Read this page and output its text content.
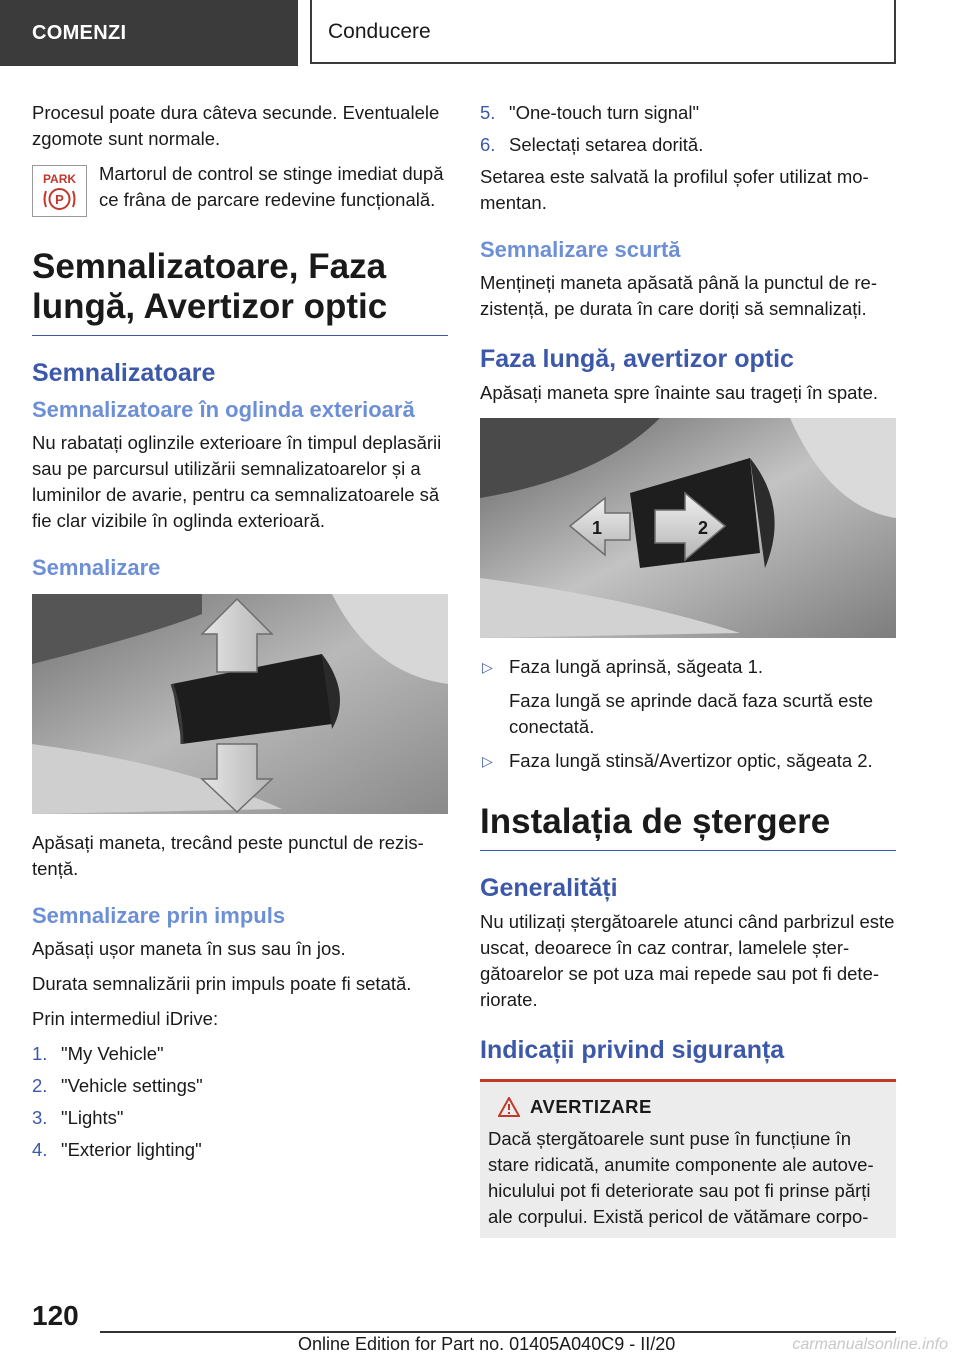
COMENZI	Conducere

Procesul poate dura câteva secunde. Eventualele zgomote sunt normale.

PARK
P

Martorul de control se stinge imediat după ce frâna de parcare redevine funcțională.

Semnalizatoare, Faza lungă, Avertizor optic
Semnalizatoare
Semnalizatoare în oglinda exterioară

Nu rabatați oglinzile exterioare în timpul deplasării sau pe parcursul utilizării semnalizatoarelor și a luminilor de avarie, pentru ca semnalizatoarele să fie clar vizibile în oglinda exterioară.

Semnalizare

Apăsați maneta, trecând peste punctul de rezistență.

Semnalizare prin impuls

Apăsați ușor maneta în sus sau în jos.

Durata semnalizării prin impuls poate fi setată.

Prin intermediul iDrive:

1. "My Vehicle"
2. "Vehicle settings"
3. "Lights"
4. "Exterior lighting"
5. "One-touch turn signal"
6. Selectați setarea dorită.

Setarea este salvată la profilul șofer utilizat momentan.

Semnalizare scurtă

Mențineți maneta apăsată până la punctul de rezistență, pe durata în care doriți să semnalizați.

Faza lungă, avertizor optic

Apăsați maneta spre înainte sau trageți în spate.

1	2
▷ Faza lungă aprinsă, săgeata 1.
Faza lungă se aprinde dacă faza scurtă este conectată.
▷ Faza lungă stinsă/Avertizor optic, săgeata 2.
Instalația de ștergere
Generalități

Nu utilizați ștergătoarele atunci când parbrizul este uscat, deoarece în caz contrar, lamelele ștergătoarelor se pot uza mai repede sau pot fi deteriorate.

Indicații privind siguranța
AVERTIZARE

Dacă ștergătoarele sunt puse în funcțiune în stare ridicată, anumite componente ale autovehiculului pot fi deteriorate sau pot fi prinse părți ale corpului. Există pericol de vătămare corpo-

120
Online Edition for Part no. 01405A040C9 - II/20	carmanualsonline.info
